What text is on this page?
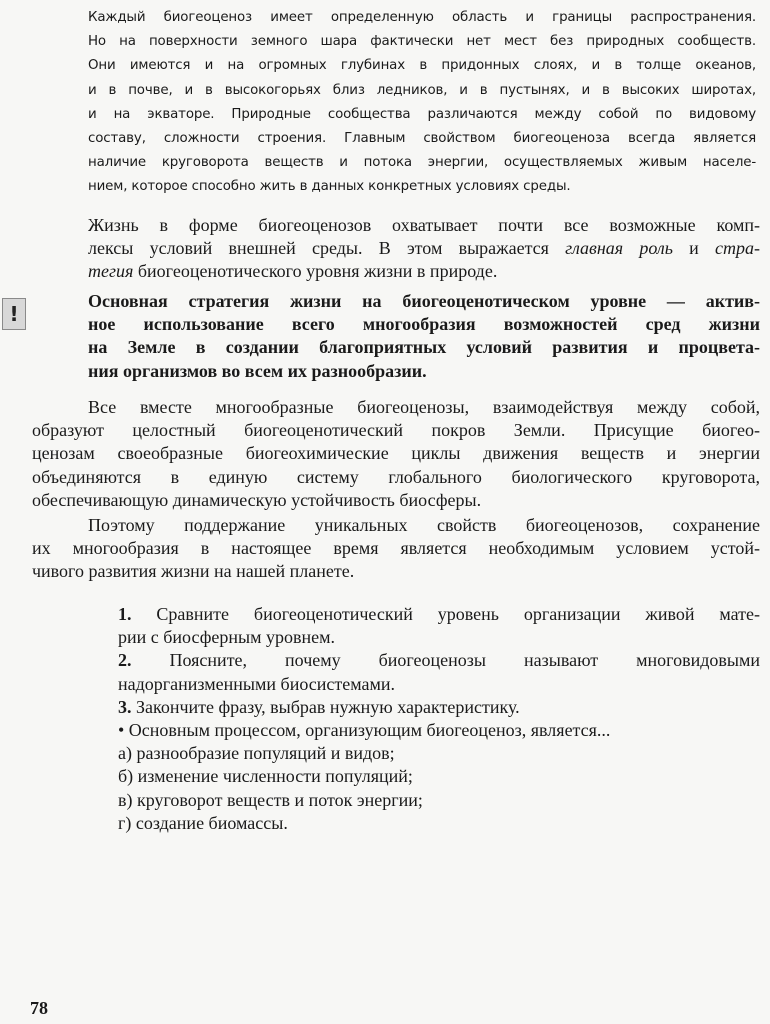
Каждый биогеоценоз имеет определенную область и границы распространения.
Но на поверхности земного шара фактически нет мест без природных сообществ.
Они имеются и на огромных глубинах в придонных слоях, и в толще океанов,
и в почве, и в высокогорьях близ ледников, и в пустынях, и в высоких широтах,
и на экваторе. Природные сообщества различаются между собой по видовому
составу, сложности строения. Главным свойством биогеоценоза всегда является
наличие круговорота веществ и потока энергии, осуществляемых живым населе-
нием, которое способно жить в данных конкретных условиях среды.
Жизнь в форме биогеоценозов охватывает почти все возможные комп-
лексы условий внешней среды. В этом выражается главная роль и стра-
тегия биогеоценотического уровня жизни в природе.
!
Основная стратегия жизни на биогеоценотическом уровне — актив-
ное использование всего многообразия возможностей сред жизни
на Земле в создании благоприятных условий развития и процвета-
ния организмов во всем их разнообразии.
Все вместе многообразные биогеоценозы, взаимодействуя между собой,
образуют целостный биогеоценотический покров Земли. Присущие биогео-
ценозам своеобразные биогеохимические циклы движения веществ и энергии
объединяются в единую систему глобального биологического круговорота,
обеспечивающую динамическую устойчивость биосферы.
Поэтому поддержание уникальных свойств биогеоценозов, сохранение
их многообразия в настоящее время является необходимым условием устой-
чивого развития жизни на нашей планете.
1. Сравните биогеоценотический уровень организации живой мате-
рии с биосферным уровнем.
2. Поясните, почему биогеоценозы называют многовидовыми
надорганизменными биосистемами.
3. Закончите фразу, выбрав нужную характеристику.
• Основным процессом, организующим биогеоценоз, является...
а) разнообразие популяций и видов;
б) изменение численности популяций;
в) круговорот веществ и поток энергии;
г) создание биомассы.
78
